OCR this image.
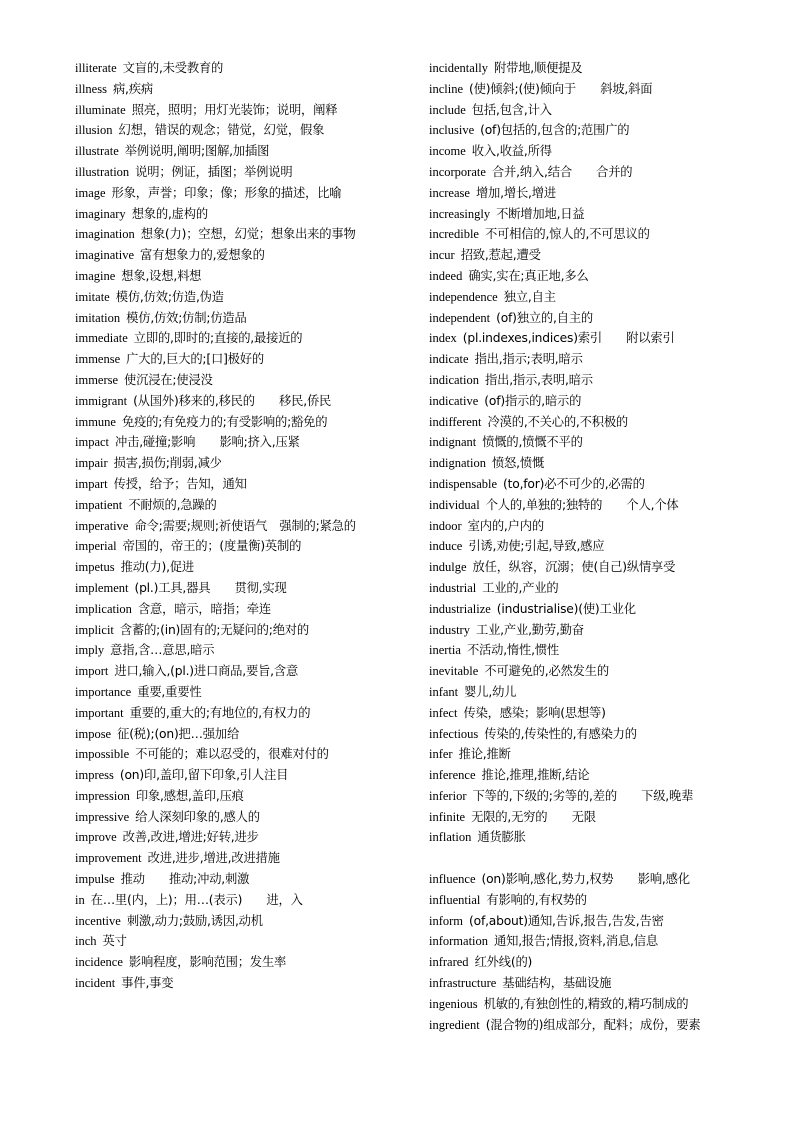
illiterate 文盲的,未受教育的
illness 病,疾病
illuminate 照亮，照明；用灯光装饰；说明，阐释
illusion 幻想，错误的观念；错觉，幻觉，假象
illustrate 举例说明,阐明;图解,加插图
illustration 说明；例证，插图；举例说明
image 形象，声誉；印象；像；形象的描述，比喻
imaginary 想象的,虚构的
imagination 想象(力)；空想，幻觉；想象出来的事物
imaginative 富有想象力的,爱想象的
imagine 想象,设想,料想
imitate 模仿,仿效;仿造,伪造
imitation 模仿,仿效;仿制;仿造品
immediate 立即的,即时的;直接的,最接近的
immense 广大的,巨大的;[口]极好的
immerse 使沉浸在;使浸没
immigrant (从国外)移来的,移民的　　移民,侨民
immune 免疫的;有免疫力的;有受影响的;豁免的
impact 冲击,碰撞;影响　　影响;挤入,压紧
impair 损害,损伤;削弱,减少
impart 传授，给予；告知，通知
impatient 不耐烦的,急躁的
imperative 命令;需要;规则;祈使语气　强制的;紧急的
imperial 帝国的，帝王的；(度量衡)英制的
impetus 推动(力),促进
implement (pl.)工具,器具　　贯彻,实现
implication 含意，暗示，暗指；牵连
implicit 含蓄的;(in)固有的;无疑问的;绝对的
imply 意指,含…意思,暗示
import 进口,输入,(pl.)进口商品,要旨,含意
importance 重要,重要性
important 重要的,重大的;有地位的,有权力的
impose 征(税);(on)把…强加给
impossible 不可能的；难以忍受的，很难对付的
impress (on)印,盖印,留下印象,引人注目
impression 印象,感想,盖印,压痕
impressive 给人深刻印象的,感人的
improve 改善,改进,增进;好转,进步
improvement 改进,进步,增进,改进措施
impulse 推动　　推动;冲动,刺激
in 在…里(内，上)；用…(表示)　　进，入
incentive 刺激,动力;鼓励,诱因,动机
inch 英寸
incidence 影响程度，影响范围；发生率
incident 事件,事变
incidentally 附带地,顺便提及
incline (使)倾斜;(使)倾向于　　斜坡,斜面
include 包括,包含,计入
inclusive (of)包括的,包含的;范围广的
income 收入,收益,所得
incorporate 合并,纳入,结合　　合并的
increase 增加,增长,增进
increasingly 不断增加地,日益
incredible 不可相信的,惊人的,不可思议的
incur 招致,惹起,遭受
indeed 确实,实在;真正地,多么
independence 独立,自主
independent (of)独立的,自主的
index (pl.indexes,indices)索引　　附以索引
indicate 指出,指示;表明,暗示
indication 指出,指示,表明,暗示
indicative (of)指示的,暗示的
indifferent 冷漠的,不关心的,不积极的
indignant 愤慨的,愤慨不平的
indignation 愤怒,愤慨
indispensable (to,for)必不可少的,必需的
individual 个人的,单独的;独特的　　个人,个体
indoor 室内的,户内的
induce 引诱,劝使;引起,导致,感应
indulge 放任，纵容，沉溺；使(自己)纵情享受
industrial 工业的,产业的
industrialize (industrialise)(使)工业化
industry 工业,产业,勤劳,勤奋
inertia 不活动,惰性,惯性
inevitable 不可避免的,必然发生的
infant 婴儿,幼儿
infect 传染，感染；影响(思想等)
infectious 传染的,传染性的,有感染力的
infer 推论,推断
inference 推论,推理,推断,结论
inferior 下等的,下级的;劣等的,差的　　下级,晚辈
infinite 无限的,无穷的　　无限
inflation 通货膨胀
influence (on)影响,感化,势力,权势　　影响,感化
influential 有影响的,有权势的
inform (of,about)通知,告诉,报告,告发,告密
information 通知,报告;情报,资料,消息,信息
infrared 红外线(的)
infrastructure 基础结构，基础设施
ingenious 机敏的,有独创性的,精致的,精巧制成的
ingredient (混合物的)组成部分，配料；成份，要素
